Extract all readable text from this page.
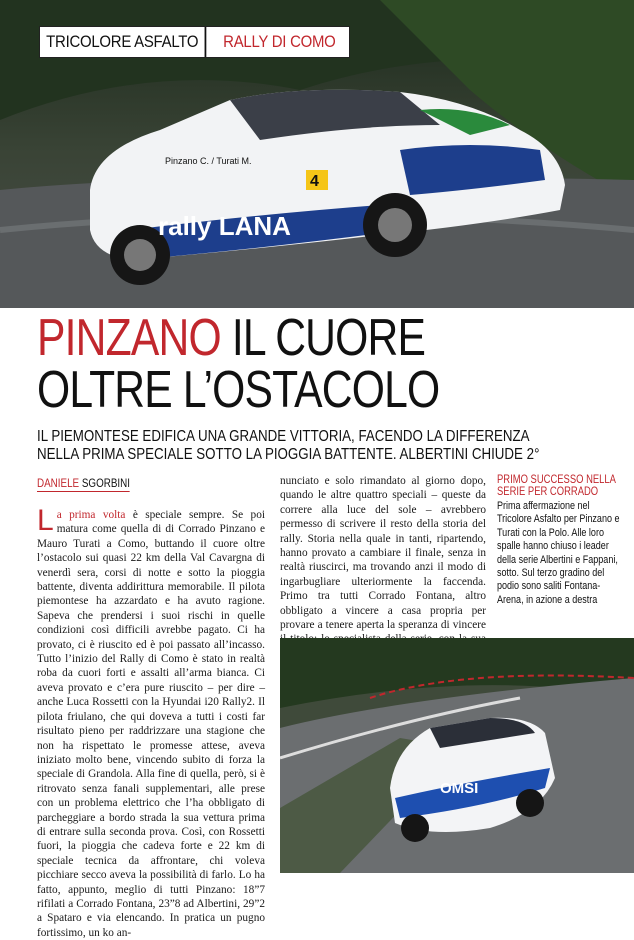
rally LANA
4
Pinzano C. / Turati M.
TRICOLORE ASFALTO	RALLY DI COMO
PINZANO IL CUORE
OLTRE L’OSTACOLO
IL PIEMONTESE EDIFICA UNA GRANDE VITTORIA, FACENDO LA DIFFERENZA
NELLA PRIMA SPECIALE SOTTO LA PIOGGIA BATTENTE. ALBERTINI CHIUDE 2°
DANIELE SGORBINI

La prima volta è speciale sempre. Se poi matura come quella di di Corrado Pinzano e Mauro Turati a Como, buttando il cuore oltre l’ostacolo sui quasi 22 km della Val Cavargna di venerdì sera, corsi di notte e sotto la pioggia battente, diventa addirittura memorabile. Il pilota piemontese ha azzardato e ha avuto ragione. Sapeva che prendersi i suoi rischi in quelle condizioni così difficili avrebbe pagato. Ci ha provato, ci è riuscito ed è poi passato all’incasso. Tutto l’inizio del Rally di Como è stato in realtà roba da cuori forti e assalti all’arma bianca. Ci aveva provato e c’era pure riuscito – per dire – anche Luca Rossetti con la Hyundai i20 Rally2. Il pilota friulano, che qui doveva a tutti i costi far risultato pieno per raddrizzare una stagione che non ha rispettato le promesse attese, aveva iniziato molto bene, vincendo subito di forza la speciale di Grandola. Alla fine di quella, però, si è ritrovato senza fanali supplementari, alle prese con un problema elettrico che l’ha obbligato di parcheggiare a bordo strada la sua vettura prima di entrare sulla seconda prova. Così, con Rossetti fuori, la pioggia che cadeva forte e 22 km di speciale tecnica da affrontare, chi voleva picchiare secco aveva la possibilità di farlo. Lo ha fatto, appunto, meglio di tutti Pinzano: 18”7 rifilati a Corrado Fontana, 23”8 ad Albertini, 29”2 a Spataro e via elencando. In pratica un pugno fortissimo, un ko an-

nunciato e solo rimandato al giorno dopo, quando le altre quattro speciali – queste da correre alla luce del sole – avrebbero permesso di scrivere il resto della storia del rally. Storia nella quale in tanti, ripartendo, hanno provato a cambiare il finale, senza in realtà riuscirci, ma trovando anzi il modo di ingarbugliare ulteriormente la faccenda. Primo tra tutti Corrado Fontana, altro obbligato a vincere a casa propria per provare a tenere aperta la speranza di vincere

PRIMO SUCCESSO NELLA SERIE PER CORRADO
Prima affermazione nel Tricolore Asfalto per Pinzano e Turati con la Polo. Alle loro spalle hanno chiuso i leader della serie Albertini e Fappani, sotto. Sul terzo gradino del podio sono saliti Fontana-Arena, in azione a destra
OMSI
